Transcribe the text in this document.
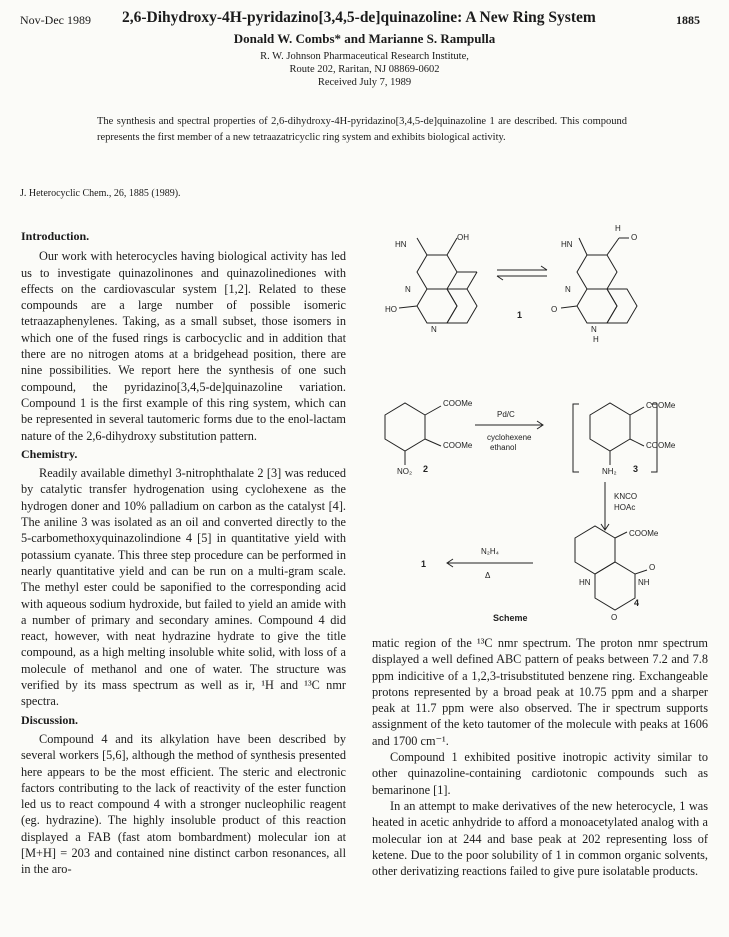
Nov-Dec 1989 2,6-Dihydroxy-4H-pyridazino[3,4,5-de]quinazoline: A New Ring System	1885
Donald W. Combs* and Marianne S. Rampulla
R. W. Johnson Pharmaceutical Research Institute,
Route 202, Raritan, NJ 08869-0602
Received July 7, 1989
The synthesis and spectral properties of 2,6-dihydroxy-4H-pyridazino[3,4,5-de]quinazoline 1 are described. This compound represents the first member of a new tetraazatricyclic ring system and exhibits biological activity.
J. Heterocyclic Chem., 26, 1885 (1989).
Introduction.

Our work with heterocycles having biological activity has led us to investigate quinazolinones and quinazolinediones with effects on the cardiovascular system [1,2]. Related to these compounds are a large number of possible isomeric tetraazaphenylenes. Taking, as a small subset, those isomers in which one of the fused rings is carbocyclic and in addition that there are no nitrogen atoms at a bridgehead position, there are nine possibilities. We report here the synthesis of one such compound, the pyridazino[3,4,5-de]quinazoline variation. Compound 1 is the first example of this ring system, which can be represented in several tautomeric forms due to the enol-lactam nature of the 2,6-dihydroxy substitution pattern.

Chemistry.

Readily available dimethyl 3-nitrophthalate 2 [3] was reduced by catalytic transfer hydrogenation using cyclohexene as the hydrogen doner and 10% palladium on carbon as the catalyst [4]. The aniline 3 was isolated as an oil and converted directly to the 5-carbomethoxyquinazolindione 4 [5] in quantitative yield with potassium cyanate. This three step procedure can be performed in nearly quantitative yield and can be run on a multi-gram scale. The methyl ester could be saponified to the corresponding acid with aqueous sodium hydroxide, but failed to yield an amide with a number of primary and secondary amines. Compound 4 did react, however, with neat hydrazine hydrate to give the title compound, as a high melting insoluble white solid, with loss of a molecule of methanol and one of water. The structure was verified by its mass spectrum as well as ir, ¹H and ¹³C nmr spectra.

Discussion.

Compound 4 and its alkylation have been described by several workers [5,6], although the method of synthesis presented here appears to be the most efficient. The steric and electronic factors contributing to the lack of reactivity of the ester function led us to react compound 4 with a stronger nucleophilic reagent (eg. hydrazine). The highly insoluble product of this reaction displayed a FAB (fast atom bombardment) molecular ion at [M+H] = 203 and contained nine distinct carbon resonances, all in the aro-

matic region of the ¹³C nmr spectrum. The proton nmr spectrum displayed a well defined ABC pattern of peaks between 7.2 and 7.8 ppm indicitive of a 1,2,3-trisubstituted benzene ring. Exchangeable protons represented by a broad peak at 10.75 ppm and a sharper peak at 11.7 ppm were also observed. The ir spectrum supports assignment of the keto tautomer of the molecule with peaks at 1606 and 1700 cm⁻¹.

Compound 1 exhibited positive inotropic activity similar to other quinazoline-containing cardiotonic compounds such as bemarinone [1].

In an attempt to make derivatives of the new heterocycle, 1 was heated in acetic anhydride to afford a monoacetylated analog with a molecular ion at 244 and base peak at 202 representing loss of ketene. Due to the poor solubility of 1 in common organic solvents, other derivatizing reactions failed to give pure isolatable products.

OH
HN
N
HO
N
H
HN
O
N
O
N
H
COOMe
COOMe
NO₂
Pd/C
cyclohexene
ethanol
COOMe
COOMe
NH₂
KNCO
HOAc
COOMe
O
HN	NH
O
N₂H₄
Δ
1
2	3
4
1
Scheme
